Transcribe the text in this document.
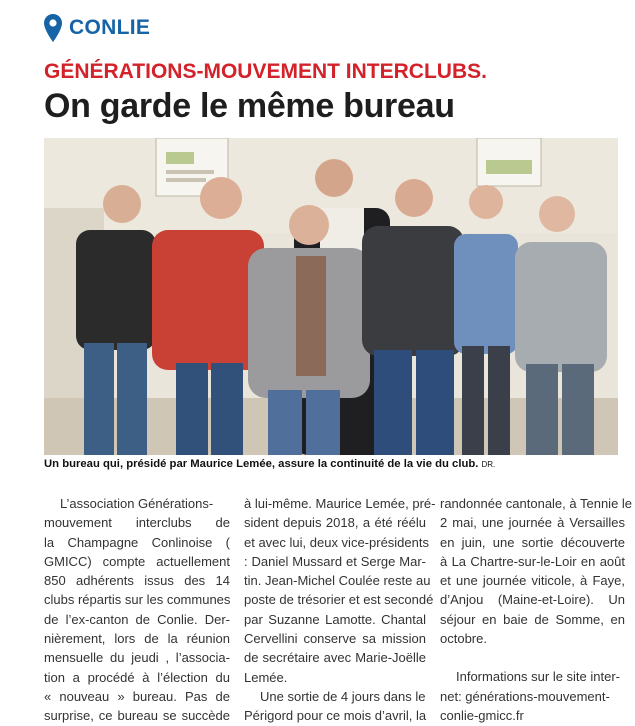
CONLIE
GÉNÉRATIONS-MOUVEMENT INTERCLUBS.
On garde le même bureau
Un bureau qui, présidé par Maurice Lemée, assure la continuité de la vie du club. DR.
L’association Générations-
mouvement interclubs de
la Champagne Conlinoise (
GMICC) compte actuellement
850 adhérents issus des 14
clubs répartis sur les communes
de l’ex-canton de Conlie. Der-
nièrement, lors de la réunion
mensuelle du jeudi , l’associa-
tion a procédé à l’élection du
« nouveau » bureau. Pas de
surprise, ce bureau se succède
à lui-même. Maurice Lemée, pré-
sident depuis 2018, a été réélu
et avec lui, deux vice-présidents
: Daniel Mussard et Serge Mar-
tin. Jean-Michel Coulée reste au
poste de trésorier et est secondé
par Suzanne Lamotte. Chantal
Cervellini conserve sa mission
de secrétaire avec Marie-Joëlle
Lemée.
Une sortie de 4 jours dans le
Périgord pour ce mois d’avril, la
randonnée cantonale, à Tennie le
2 mai, une journée à Versailles
en juin, une sortie découverte
à La Chartre-sur-le-Loir en août
et une journée viticole, à Faye,
d’Anjou (Maine-et-Loire). Un
séjour en baie de Somme, en
octobre.
Informations sur le site inter-
net: générations-mouvement-
conlie-gmicc.fr
